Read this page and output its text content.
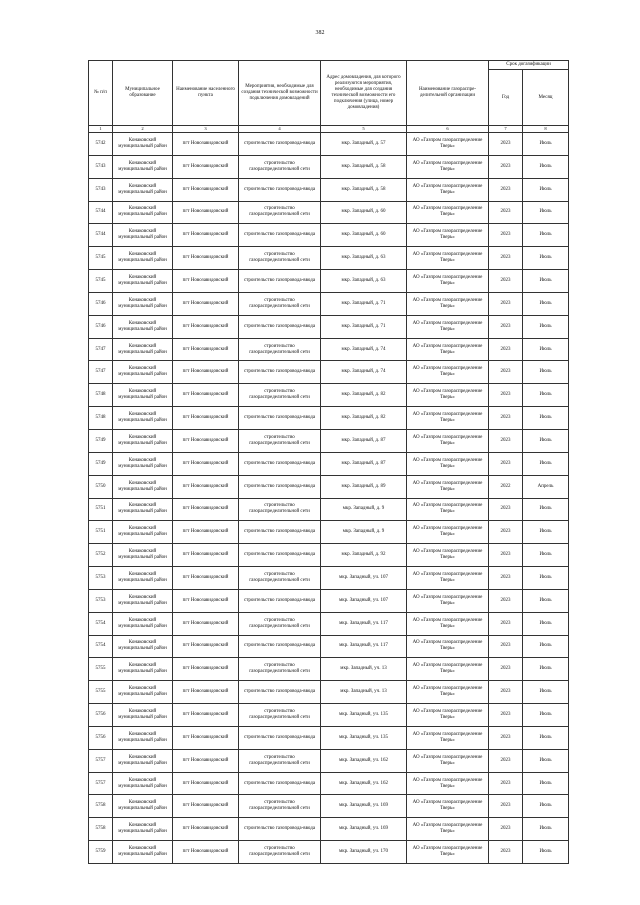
382
№ п/п	Муниципальное образование	Наименование населенного пункта	Мероприятия, необходимые для создания технической возможности подключения домовладений	Адрес домовладения, для которого реализуются мероприятия, необходимые для создания технической возможности его подключения (улица, номер домовладения)	Наименование газораспре-делительной организации	Срок догазификации	
						Год	Месяц
1	2	3	4	5	6	7	8
5742	Конаковский муниципальный район	пгт Новозавидовский	строительство газопровода-ввода	мкр. Западный, д. 57	АО «Газпром газораспределение Тверь»	2023	Июль
5743	Конаковский муниципальный район	пгт Новозавидовский	строительство газораспределительной сети	мкр. Западный, д. 58	АО «Газпром газораспределение Тверь»	2023	Июль
5743	Конаковский муниципальный район	пгт Новозавидовский	строительство газопровода-ввода	мкр. Западный, д. 58	АО «Газпром газораспределение Тверь»	2023	Июль
5744	Конаковский муниципальный район	пгт Новозавидовский	строительство газораспределительной сети	мкр. Западный, д. 60	АО «Газпром газораспределение Тверь»	2023	Июль
5744	Конаковский муниципальный район	пгт Новозавидовский	строительство газопровода-ввода	мкр. Западный, д. 60	АО «Газпром газораспределение Тверь»	2023	Июль
5745	Конаковский муниципальный район	пгт Новозавидовский	строительство газораспределительной сети	мкр. Западный, д. 63	АО «Газпром газораспределение Тверь»	2023	Июль
5745	Конаковский муниципальный район	пгт Новозавидовский	строительство газопровода-ввода	мкр. Западный, д. 63	АО «Газпром газораспределение Тверь»	2023	Июль
5746	Конаковский муниципальный район	пгт Новозавидовский	строительство газораспределительной сети	мкр. Западный, д. 71	АО «Газпром газораспределение Тверь»	2023	Июль
5746	Конаковский муниципальный район	пгт Новозавидовский	строительство газопровода-ввода	мкр. Западный, д. 71	АО «Газпром газораспределение Тверь»	2023	Июль
5747	Конаковский муниципальный район	пгт Новозавидовский	строительство газораспределительной сети	мкр. Западный, д. 74	АО «Газпром газораспределение Тверь»	2023	Июль
5747	Конаковский муниципальный район	пгт Новозавидовский	строительство газопровода-ввода	мкр. Западный, д. 74	АО «Газпром газораспределение Тверь»	2023	Июль
5748	Конаковский муниципальный район	пгт Новозавидовский	строительство газораспределительной сети	мкр. Западный, д. 82	АО «Газпром газораспределение Тверь»	2023	Июль
5748	Конаковский муниципальный район	пгт Новозавидовский	строительство газопровода-ввода	мкр. Западный, д. 82	АО «Газпром газораспределение Тверь»	2023	Июль
5749	Конаковский муниципальный район	пгт Новозавидовский	строительство газораспределительной сети	мкр. Западный, д. 87	АО «Газпром газораспределение Тверь»	2023	Июль
5749	Конаковский муниципальный район	пгт Новозавидовский	строительство газопровода-ввода	мкр. Западный, д. 87	АО «Газпром газораспределение Тверь»	2023	Июль
5750	Конаковский муниципальный район	пгт Новозавидовский	строительство газопровода-ввода	мкр. Западный, д. 89	АО «Газпром газораспределение Тверь»	2022	Апрель
5751	Конаковский муниципальный район	пгт Новозавидовский	строительство газораспределительной сети	мкр. Западный, д. 9	АО «Газпром газораспределение Тверь»	2023	Июль
5751	Конаковский муниципальный район	пгт Новозавидовский	строительство газопровода-ввода	мкр. Западный, д. 9	АО «Газпром газораспределение Тверь»	2023	Июль
5752	Конаковский муниципальный район	пгт Новозавидовский	строительство газопровода-ввода	мкр. Западный, д. 92	АО «Газпром газораспределение Тверь»	2023	Июль
5753	Конаковский муниципальный район	пгт Новозавидовский	строительство газораспределительной сети	мкр. Западный, уч. 107	АО «Газпром газораспределение Тверь»	2023	Июль
5753	Конаковский муниципальный район	пгт Новозавидовский	строительство газопровода-ввода	мкр. Западный, уч. 107	АО «Газпром газораспределение Тверь»	2023	Июль
5754	Конаковский муниципальный район	пгт Новозавидовский	строительство газораспределительной сети	мкр. Западный, уч. 117	АО «Газпром газораспределение Тверь»	2023	Июль
5754	Конаковский муниципальный район	пгт Новозавидовский	строительство газопровода-ввода	мкр. Западный, уч. 117	АО «Газпром газораспределение Тверь»	2023	Июль
5755	Конаковский муниципальный район	пгт Новозавидовский	строительство газораспределительной сети	мкр. Западный, уч. 13	АО «Газпром газораспределение Тверь»	2023	Июль
5755	Конаковский муниципальный район	пгт Новозавидовский	строительство газопровода-ввода	мкр. Западный, уч. 13	АО «Газпром газораспределение Тверь»	2023	Июль
5756	Конаковский муниципальный район	пгт Новозавидовский	строительство газораспределительной сети	мкр. Западный, уч. 135	АО «Газпром газораспределение Тверь»	2023	Июль
5756	Конаковский муниципальный район	пгт Новозавидовский	строительство газопровода-ввода	мкр. Западный, уч. 135	АО «Газпром газораспределение Тверь»	2023	Июль
5757	Конаковский муниципальный район	пгт Новозавидовский	строительство газораспределительной сети	мкр. Западный, уч. 162	АО «Газпром газораспределение Тверь»	2023	Июль
5757	Конаковский муниципальный район	пгт Новозавидовский	строительство газопровода-ввода	мкр. Западный, уч. 162	АО «Газпром газораспределение Тверь»	2023	Июль
5758	Конаковский муниципальный район	пгт Новозавидовский	строительство газораспределительной сети	мкр. Западный, уч. 169	АО «Газпром газораспределение Тверь»	2023	Июль
5758	Конаковский муниципальный район	пгт Новозавидовский	строительство газопровода-ввода	мкр. Западный, уч. 169	АО «Газпром газораспределение Тверь»	2023	Июль
5759	Конаковский муниципальный район	пгт Новозавидовский	строительство газораспределительной сети	мкр. Западный, уч. 170	АО «Газпром газораспределение Тверь»	2023	Июль
